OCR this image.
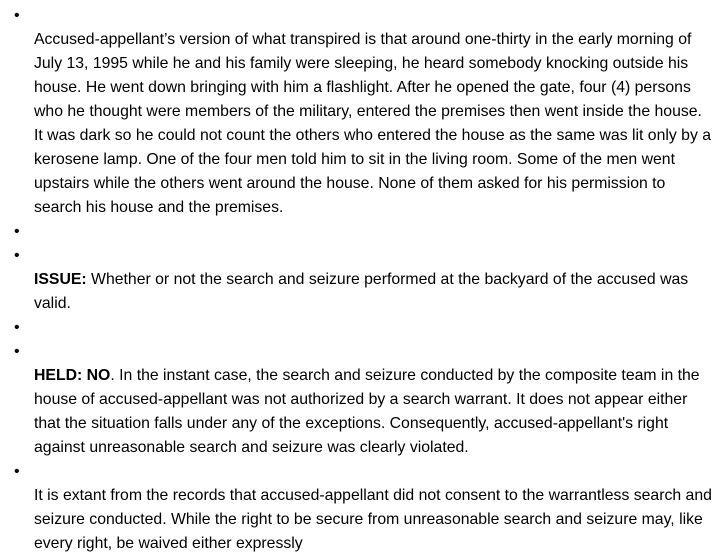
•
Accused-appellant’s version of what transpired is that around one-thirty in the early morning of July 13, 1995 while he and his family were sleeping, he heard somebody knocking outside his house. He went down bringing with him a flashlight. After he opened the gate, four (4) persons who he thought were members of the military, entered the premises then went inside the house. It was dark so he could not count the others who entered the house as the same was lit only by a kerosene lamp. One of the four men told him to sit in the living room. Some of the men went upstairs while the others went around the house. None of them asked for his permission to search his house and the premises.

•

•
ISSUE: Whether or not the search and seizure performed at the backyard of the accused was valid.

•

•
HELD: NO. In the instant case, the search and seizure conducted by the composite team in the house of accused-appellant was not authorized by a search warrant. It does not appear either that the situation falls under any of the exceptions. Consequently, accused-appellant's right against unreasonable search and seizure was clearly violated.

•
It is extant from the records that accused-appellant did not consent to the warrantless search and seizure conducted. While the right to be secure from unreasonable search and seizure may, like every right, be waived either expressly
